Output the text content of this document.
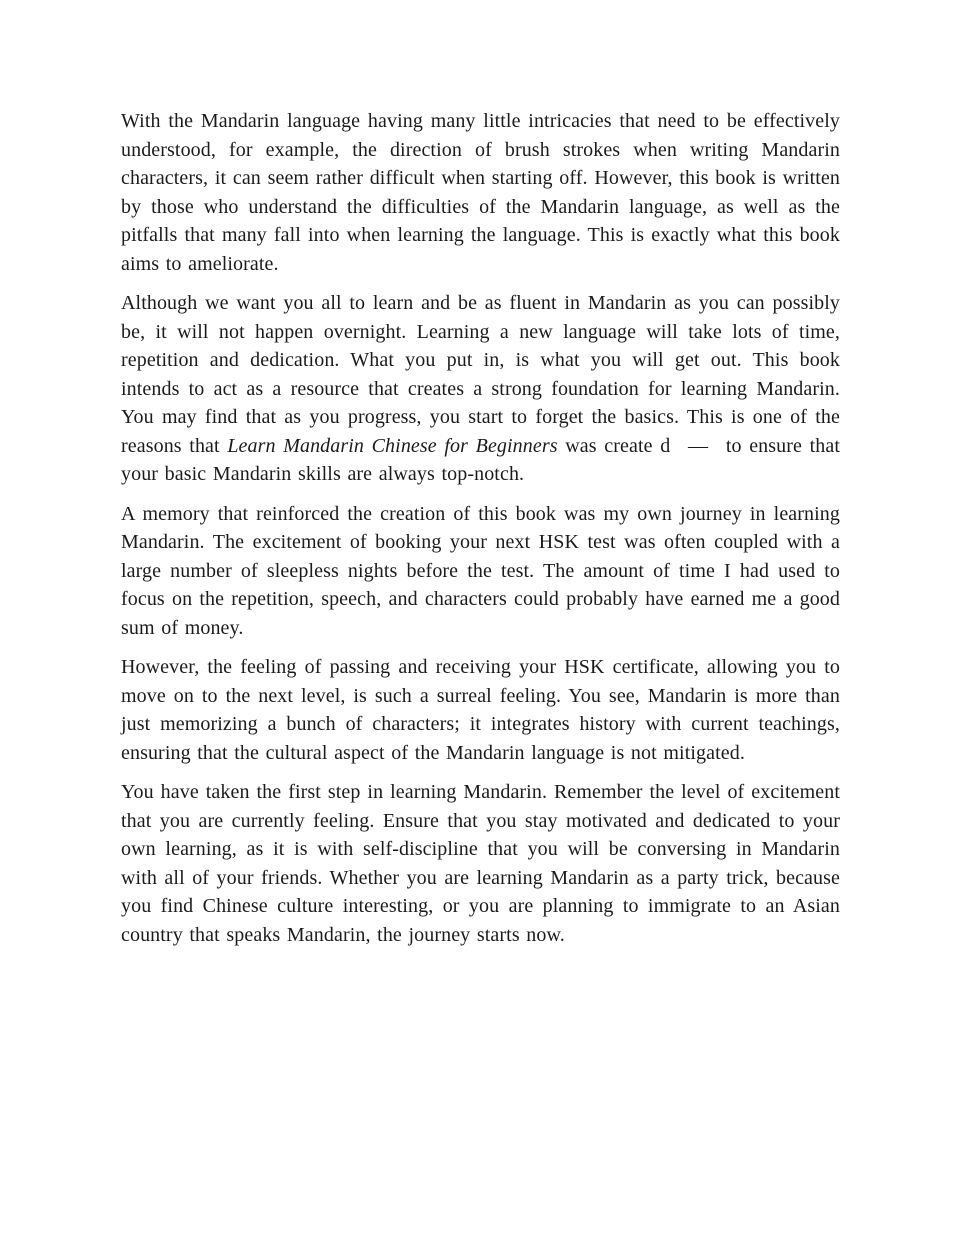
With the Mandarin language having many little intricacies that need to be effectively understood, for example, the direction of brush strokes when writing Mandarin characters, it can seem rather difficult when starting off. However, this book is written by those who understand the difficulties of the Mandarin language, as well as the pitfalls that many fall into when learning the language. This is exactly what this book aims to ameliorate.

Although we want you all to learn and be as fluent in Mandarin as you can possibly be, it will not happen overnight. Learning a new language will take lots of time, repetition and dedication. What you put in, is what you will get out. This book intends to act as a resource that creates a strong foundation for learning Mandarin. You may find that as you progress, you start to forget the basics. This is one of the reasons that Learn Mandarin Chinese for Beginners was create d  —  to ensure that your basic Mandarin skills are always top-notch.

A memory that reinforced the creation of this book was my own journey in learning Mandarin. The excitement of booking your next HSK test was often coupled with a large number of sleepless nights before the test. The amount of time I had used to focus on the repetition, speech, and characters could probably have earned me a good sum of money.

However, the feeling of passing and receiving your HSK certificate, allowing you to move on to the next level, is such a surreal feeling. You see, Mandarin is more than just memorizing a bunch of characters; it integrates history with current teachings, ensuring that the cultural aspect of the Mandarin language is not mitigated.

You have taken the first step in learning Mandarin. Remember the level of excitement that you are currently feeling. Ensure that you stay motivated and dedicated to your own learning, as it is with self-discipline that you will be conversing in Mandarin with all of your friends. Whether you are learning Mandarin as a party trick, because you find Chinese culture interesting, or you are planning to immigrate to an Asian country that speaks Mandarin, the journey starts now.
